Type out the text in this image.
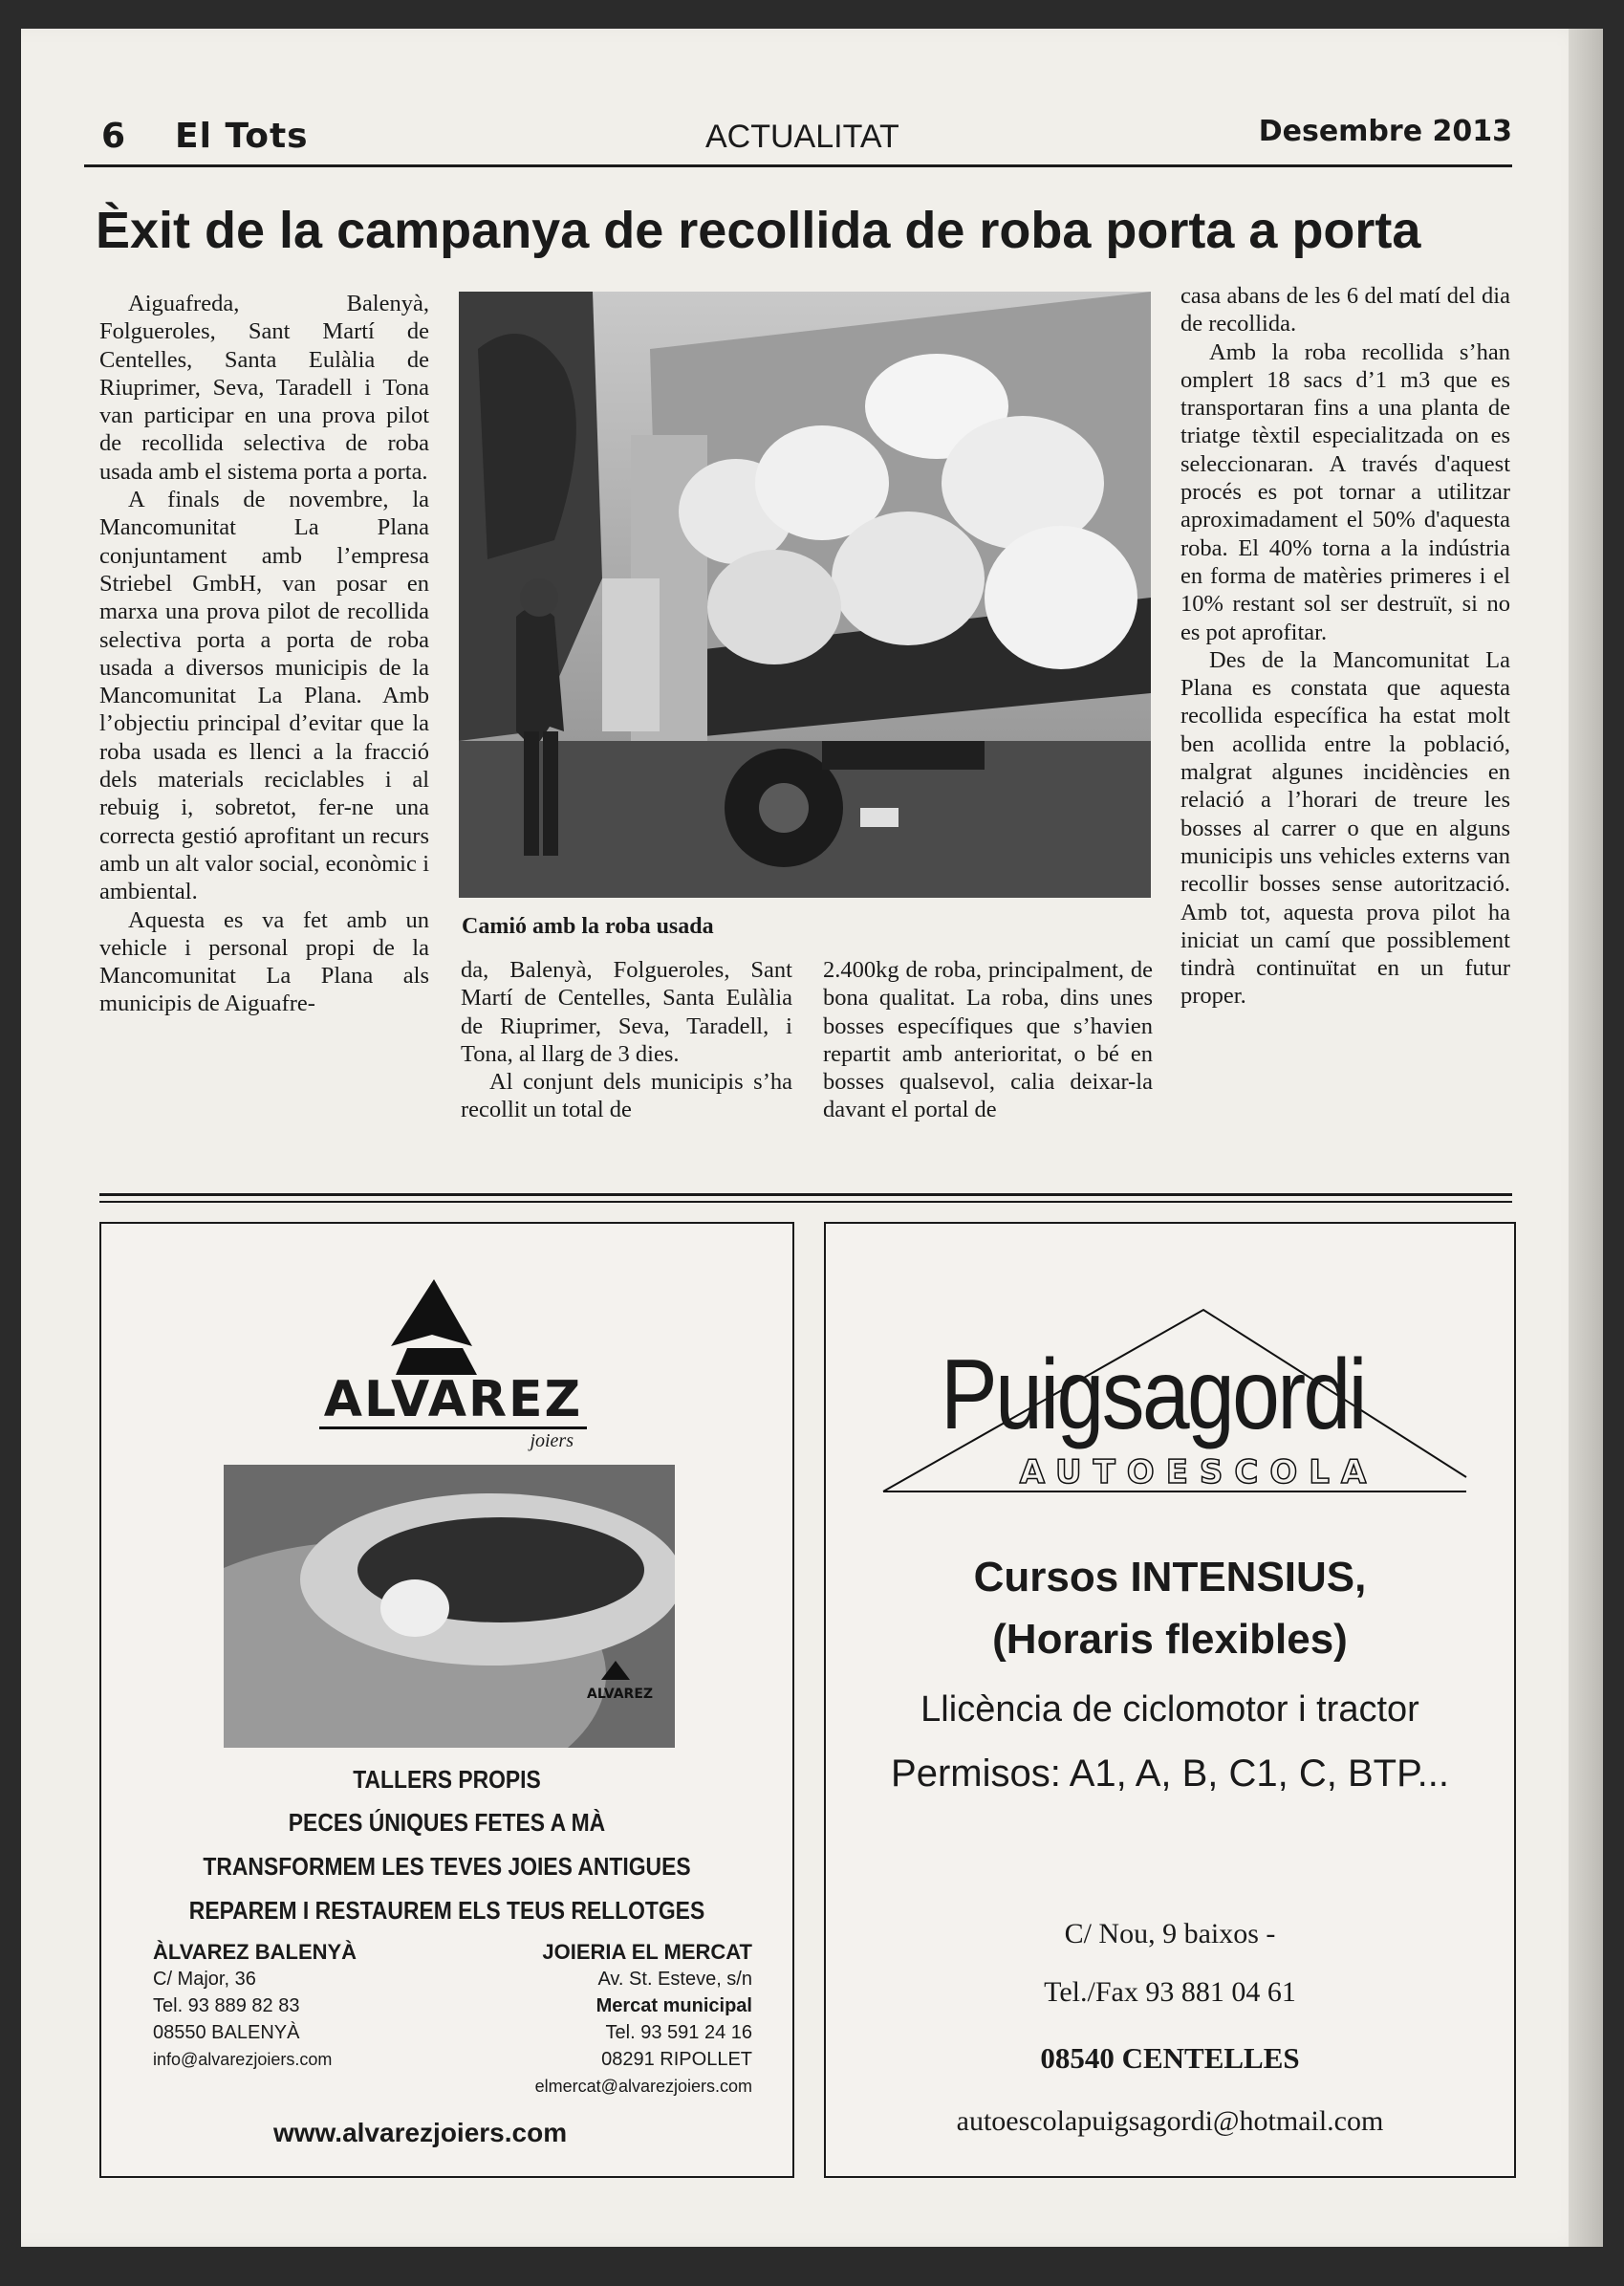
6 El Tots	ACTUALITAT	Desembre 2013
Èxit de la campanya de recollida de roba porta a porta

Aiguafreda, Balenyà, Folgueroles, Sant Martí de Centelles, Santa Eulàlia de Riuprimer, Seva, Taradell i Tona van participar en una prova pilot de recollida selectiva de roba usada amb el sistema porta a porta.

A finals de novembre, la Mancomunitat La Plana conjuntament amb l’empresa Striebel GmbH, van posar en marxa una prova pilot de recollida selectiva porta a porta de roba usada a diversos municipis de la Mancomunitat La Plana. Amb l’objectiu principal d’evitar que la roba usada es llenci a la fracció dels materials reciclables i al rebuig i, sobretot, fer-ne una correcta gestió aprofitant un recurs amb un alt valor social, econòmic i ambiental.

Aquesta es va fet amb un vehicle i personal propi de la Mancomunitat La Plana als municipis de Aiguafre-

Camió amb la roba usada

da, Balenyà, Folgueroles, Sant Martí de Centelles, Santa Eulàlia de Riuprimer, Seva, Taradell, i Tona, al llarg de 3 dies.

Al conjunt dels municipis s’ha recollit un total de

2.400kg de roba, principalment, de bona qualitat. La roba, dins unes bosses específiques que s’havien repartit amb anterioritat, o bé en bosses qualsevol, calia deixar-la davant el portal de

casa abans de les 6 del matí del dia de recollida.

Amb la roba recollida s’han omplert 18 sacs d’1 m3 que es transportaran fins a una planta de triatge tèxtil especialitzada on es seleccionaran. A través d'aquest procés es pot tornar a utilitzar aproximadament el 50% d'aquesta roba. El 40% torna a la indústria en forma de matèries primeres i el 10% restant sol ser destruït, si no es pot aprofitar.

Des de la Mancomunitat La Plana es constata que aquesta recollida específica ha estat molt ben acollida entre la població, malgrat algunes incidències en relació a l’horari de treure les bosses al carrer o que en alguns municipis uns vehicles externs van recollir bosses sense autorització. Amb tot, aquesta prova pilot ha iniciat un camí que possiblement tindrà continuïtat en un futur proper.

ALVAREZ
joiers
ALVAREZ
TALLERS PROPIS
PECES ÚNIQUES FETES A MÀ
TRANSFORMEM LES TEVES JOIES ANTIGUES
REPAREM I RESTAUREM ELS TEUS RELLOTGES
ÀLVAREZ BALENYÀ
C/ Major, 36
Tel. 93 889 82 83
08550 BALENYÀ
info@alvarezjoiers.com
JOIERIA EL MERCAT
Av. St. Esteve, s/n
Mercat municipal
Tel. 93 591 24 16
08291 RIPOLLET
elmercat@alvarezjoiers.com
www.alvarezjoiers.com
Puigsagordi
AUTOESCOLA
Cursos INTENSIUS,
(Horaris flexibles)
Llicència de ciclomotor i tractor
Permisos: A1, A, B, C1, C, BTP...
C/ Nou, 9 baixos -
Tel./Fax 93 881 04 61
08540 CENTELLES
autoescolapuigsagordi@hotmail.com
